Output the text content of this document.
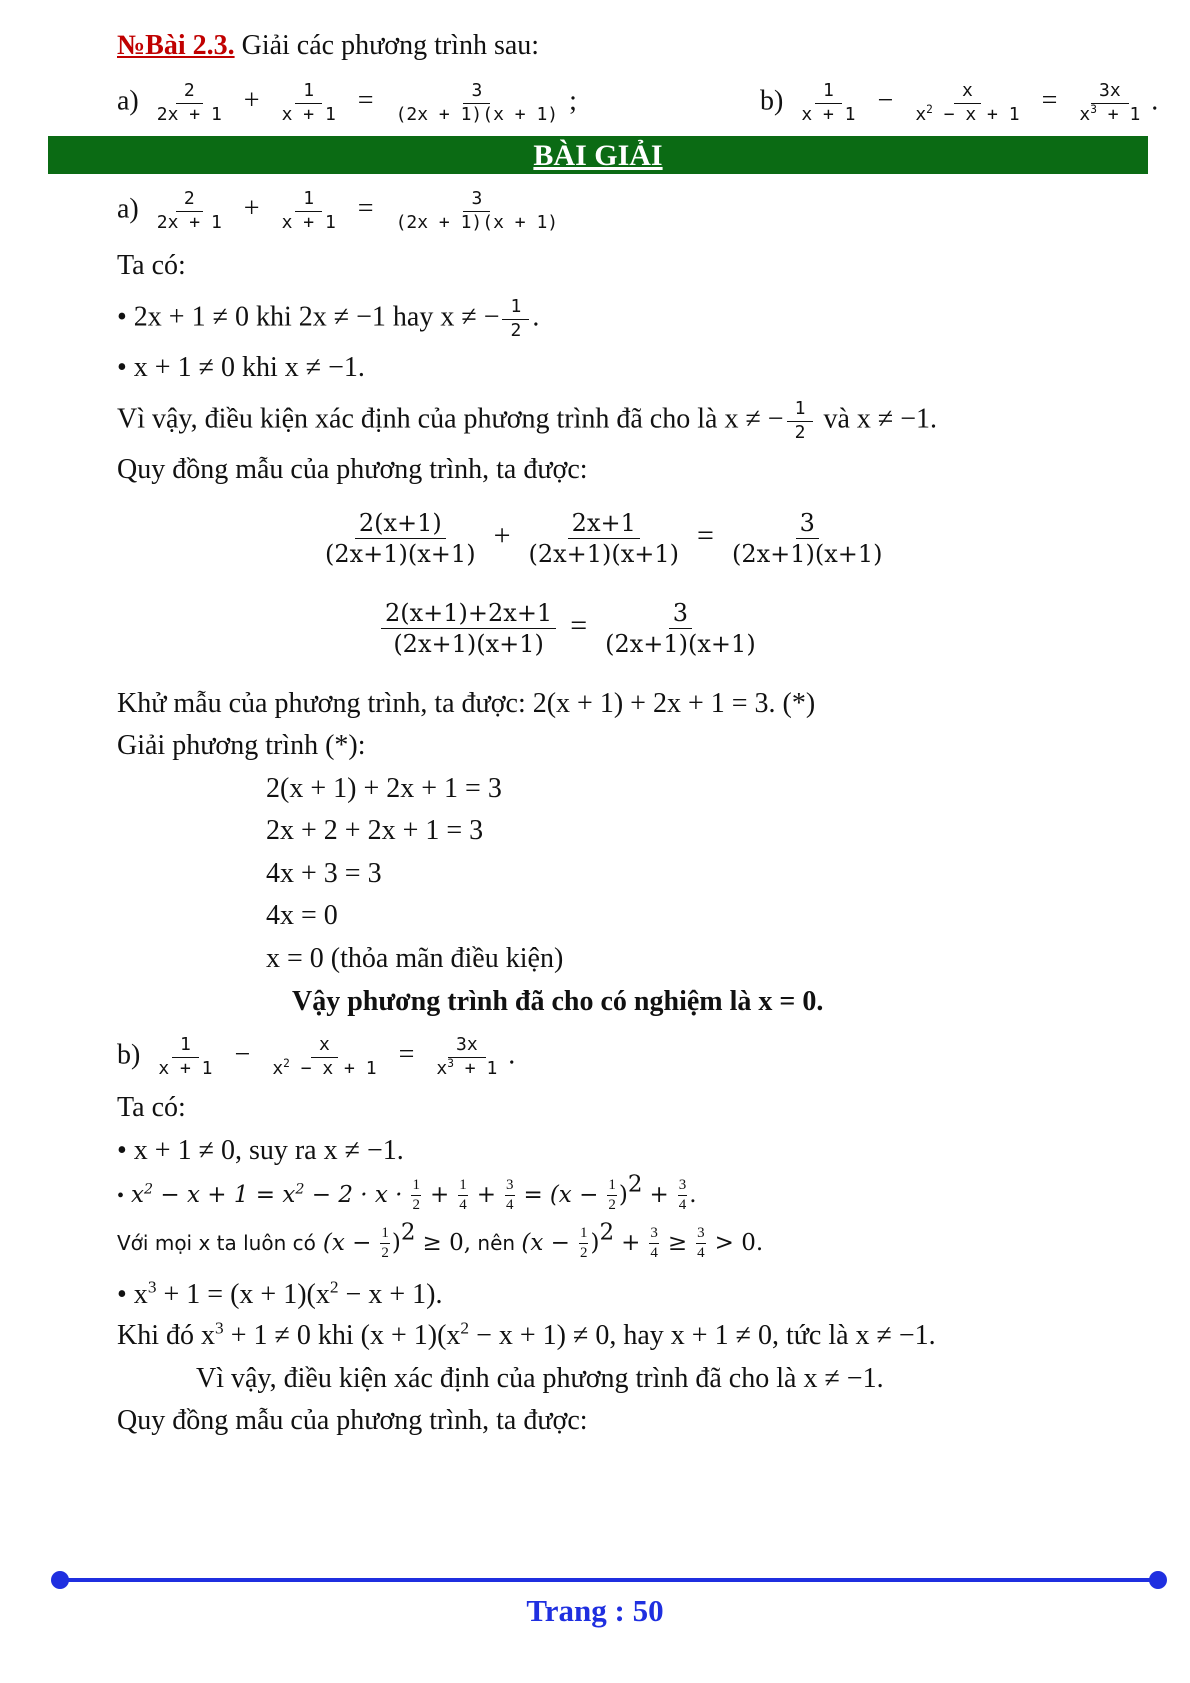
№Bài 2.3. Giải các phương trình sau:
$a) \frac{2}{2x + 1} + \frac{1}{x + 1} = \frac{3}{(2x + 1)(x + 1)}$ ;	$b) \frac{1}{x + 1} - \frac{x}{x^2 - x + 1} = \frac{3x}{x^3 + 1}$ .
BÀI GIẢI
$a) \frac{2}{2x + 1} + \frac{1}{x + 1} = \frac{3}{(2x + 1)(x + 1)}$
Ta có:
• 2x + 1 ≠ 0 khi 2x ≠ −1 hay x ≠ − $\frac{1}{2}$ .
• x + 1 ≠ 0 khi x ≠ −1.
Vì vậy, điều kiện xác định của phương trình đã cho là x ≠ − $\frac{1}{2}$ và x ≠ −1.
Quy đồng mẫu của phương trình, ta được:
$\frac{2(x+1)}{(2x+1)(x+1)} + \frac{2x+1}{(2x+1)(x+1)} = \frac{3}{(2x+1)(x+1)}$
$\frac{2(x+1)+2x+1}{(2x+1)(x+1)} = \frac{3}{(2x+1)(x+1)}$
Khử mẫu của phương trình, ta được: 2(x + 1) + 2x + 1 = 3. (*)
Giải phương trình (*):
2(x + 1) + 2x + 1 = 3
2x + 2 + 2x + 1 = 3
4x + 3 = 3
4x = 0
x = 0 (thỏa mãn điều kiện)
Vậy phương trình đã cho có nghiệm là x = 0.
$b) \frac{1}{x + 1} - \frac{x}{x^2 - x + 1} = \frac{3x}{x^3 + 1}$ .
Ta có:
• x + 1 ≠ 0, suy ra x ≠ −1.
• $x^2 - x + 1 = x^2 - 2 \cdot x \cdot \frac{1}{2} + \frac{1}{4} + \frac{3}{4} = (x - \frac{1}{2} )^2 + \frac{3}{4}$ .
Với mọi x ta luôn có $(x - \frac{1}{2} )^2 \ge 0$, nên $(x - \frac{1}{2} )^2 + \frac{3}{4} \ge \frac{3}{4} > 0$.
• $x^3 + 1 = (x + 1)(x^2 - x + 1)$.
Khi đó $x^3 + 1 \ne 0$ khi $(x + 1)(x^2 - x + 1) \ne 0$, hay x + 1 ≠ 0, tức là x ≠ −1.
Vì vậy, điều kiện xác định của phương trình đã cho là x ≠ −1.
Quy đồng mẫu của phương trình, ta được:
Trang : 50
